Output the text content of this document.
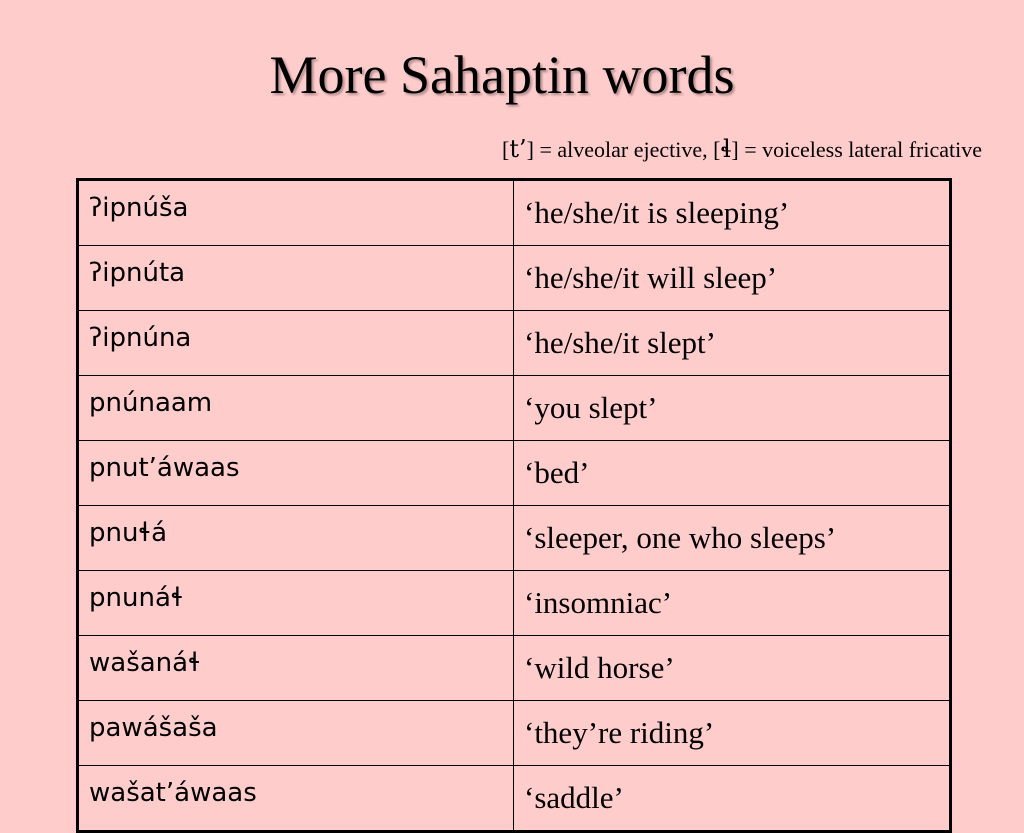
More Sahaptin words
[t’] = alveolar ejective, [ɬ] = voiceless lateral fricative
ʔipnúša	‘he/she/it is sleeping’
ʔipnúta	‘he/she/it will sleep’
ʔipnúna	‘he/she/it slept’
pnúnaam	‘you slept’
pnut’áwaas	‘bed’
pnuɬá	‘sleeper, one who sleeps’
pnunáɬ	‘insomniac’
wašanáɬ	‘wild horse’
pawášaša	‘they’re riding’
wašat’áwaas	‘saddle’
